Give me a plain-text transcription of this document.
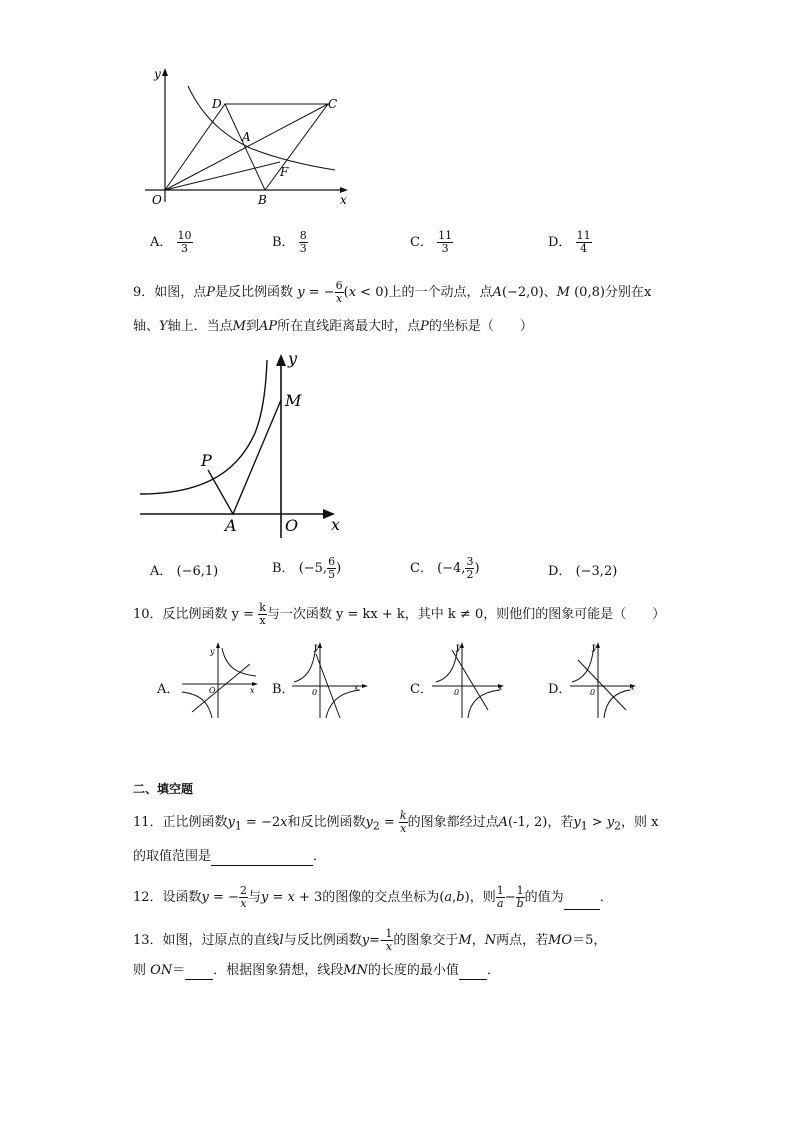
y
x
O
D	C
A
F
B
A． $\frac{10}{3}$	B． $\frac{8}{3}$	C． $\frac{11}{3}$	D． $\frac{11}{4}$
9．如图，点P是反比例函数 y = − $\frac{6}{x} (x < 0)$上的一个动点，点A(−2,0)、M (0,8)分别在x
轴、Y轴上．当点M到AP所在直线距离最大时，点P的坐标是（　　）
y
M
P
A	O x
A． (−6,1)	B． (−5, $\frac{6}{5}$ )	C． (−4, $\frac{3}{2}$ )	D． (−3,2)
10．反比例函数 $y = \frac{k}{x}$ 与一次函数 y = kx + k，其中 k ≠ 0，则他们的图象可能是（　　）
A．
y
O	x B．
y
0
x	C．
y
0
x	D．
y
0
x
二、填空题
11．正比例函数$y_1 = -2x$和反比例函数$y_2 = \frac{k}{x}$ 的图象都经过点A(-1, 2)，若$y_1 > y_2$，则 x
的取值范围是	．
12．设函数y = − $\frac{2}{x}$ 与y = x + 3的图像的交点坐标为(a,b)，则 $\frac{1}{a} - \frac{1}{b}$ 的值为	．
13．如图，过原点的直线l与反比例函数$y=- \frac{1}{x}$ 的图象交于M，N两点，若MO＝5，
则 ON＝ ．根据图象猜想，线段MN的长度的最小值 ．
